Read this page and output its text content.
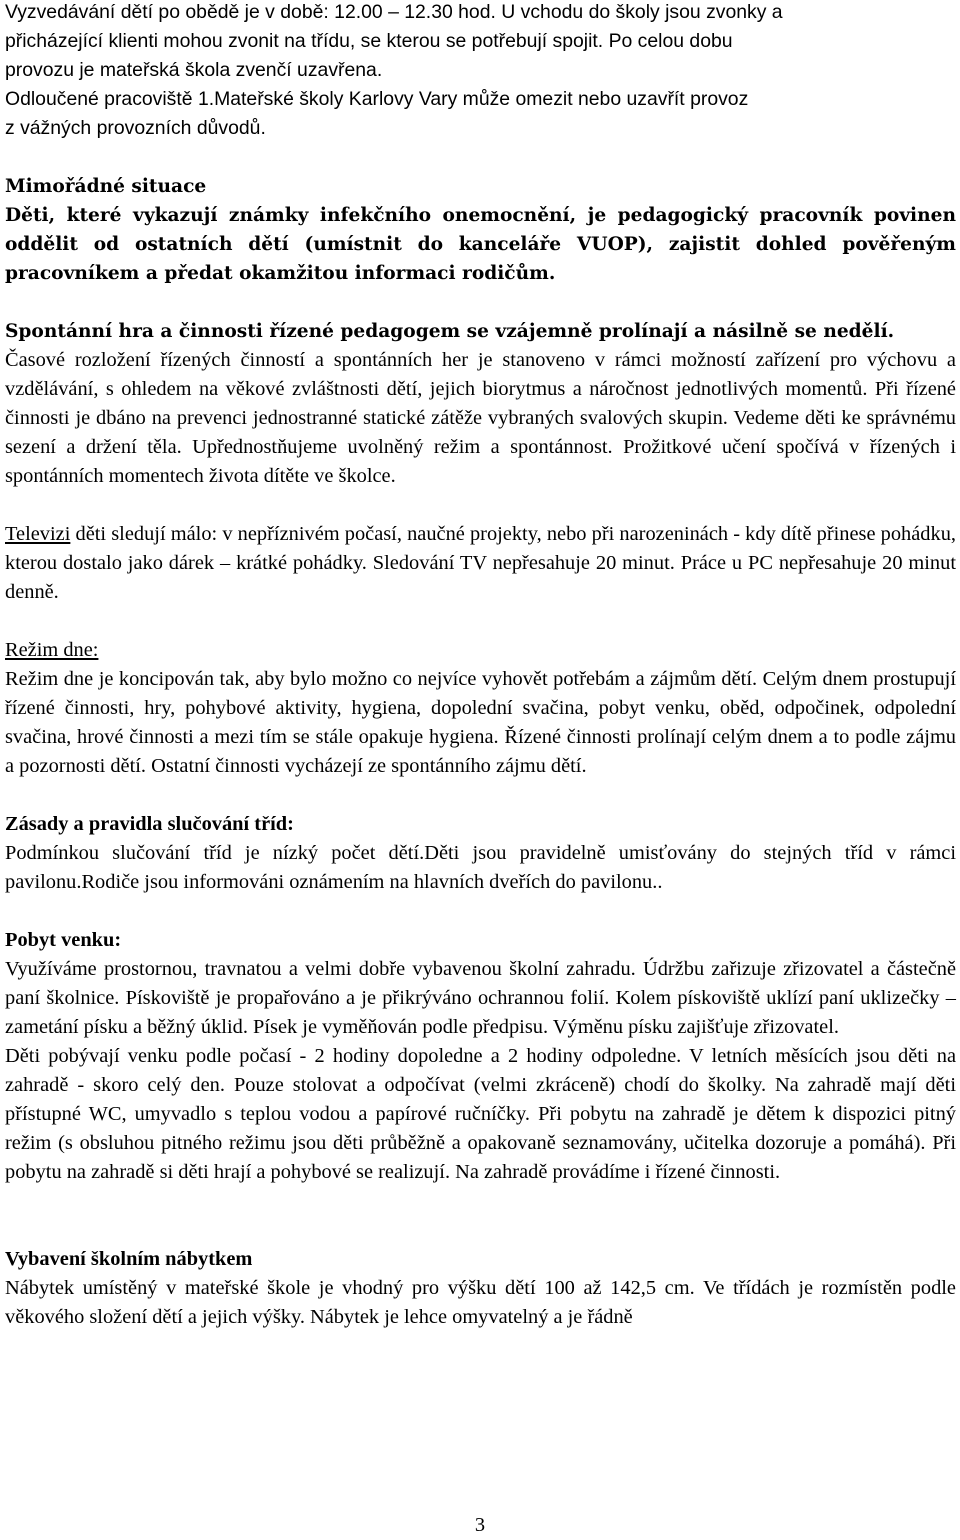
Vyzvedávání dětí po obědě je v době: 12.00 – 12.30 hod. U vchodu do školy jsou zvonky a

přicházející klienti mohou zvonit na třídu, se kterou se potřebují spojit. Po celou dobu

provozu je mateřská škola zvenčí uzavřena.

Odloučené pracoviště 1.Mateřské školy Karlovy Vary může omezit nebo uzavřít provoz

z vážných provozních důvodů.

Mimořádné situace

Děti, které vykazují známky infekčního onemocnění, je pedagogický pracovník povinen oddělit od ostatních dětí (umístnit do kanceláře VUOP), zajistit dohled pověřeným pracovníkem a předat okamžitou informaci rodičům.

Spontánní hra a činnosti řízené pedagogem se vzájemně prolínají a násilně se nedělí.

Časové rozložení řízených činností a spontánních her je stanoveno v rámci možností zařízení pro výchovu a vzdělávání, s ohledem na věkové zvláštnosti dětí, jejich biorytmus a náročnost jednotlivých momentů. Při řízené činnosti je dbáno na prevenci jednostranné statické zátěže vybraných svalových skupin. Vedeme děti ke správnému sezení a držení těla. Upřednostňujeme uvolněný režim a spontánnost. Prožitkové učení spočívá v řízených i spontánních momentech života dítěte ve školce.

Televizi děti sledují málo: v nepříznivém počasí, naučné projekty, nebo při narozeninách - kdy dítě přinese pohádku, kterou dostalo jako dárek – krátké pohádky. Sledování TV nepřesahuje 20 minut. Práce u PC nepřesahuje 20 minut denně.

Režim dne:

Režim dne je koncipován tak, aby bylo možno co nejvíce vyhovět potřebám a zájmům dětí. Celým dnem prostupují řízené činnosti, hry, pohybové aktivity, hygiena, dopolední svačina, pobyt venku, oběd, odpočinek, odpolední svačina, hrové činnosti a mezi tím se stále opakuje hygiena. Řízené činnosti prolínají celým dnem a to podle zájmu a pozornosti dětí. Ostatní činnosti vycházejí ze spontánního zájmu dětí.

Zásady a pravidla slučování tříd:

Podmínkou slučování tříd je nízký počet dětí.Děti jsou pravidelně umisťovány do stejných tříd v rámci pavilonu.Rodiče jsou informováni oznámením na hlavních dveřích do pavilonu..

Pobyt venku:

Využíváme prostornou, travnatou a velmi dobře vybavenou školní zahradu. Údržbu zařizuje zřizovatel a částečně paní školnice. Pískoviště je propařováno a je přikrýváno ochrannou folií. Kolem pískoviště uklízí paní uklizečky – zametání písku a běžný úklid. Písek je vyměňován podle předpisu. Výměnu písku zajišťuje zřizovatel.

Děti pobývají venku podle počasí - 2 hodiny dopoledne a 2 hodiny odpoledne. V letních měsících jsou děti na zahradě - skoro celý den. Pouze stolovat a odpočívat (velmi zkráceně) chodí do školky. Na zahradě mají děti přístupné WC, umyvadlo s teplou vodou a papírové ručníčky. Při pobytu na zahradě je dětem k dispozici pitný režim (s obsluhou pitného režimu jsou děti průběžně a opakovaně seznamovány, učitelka dozoruje a pomáhá). Při pobytu na zahradě si děti hrají a pohybové se realizují. Na zahradě provádíme i řízené činnosti.

Vybavení školním nábytkem

Nábytek umístěný v mateřské škole je vhodný pro výšku dětí 100 až 142,5 cm. Ve třídách je rozmístěn podle věkového složení dětí a jejich výšky. Nábytek je lehce omyvatelný a je řádně

3
